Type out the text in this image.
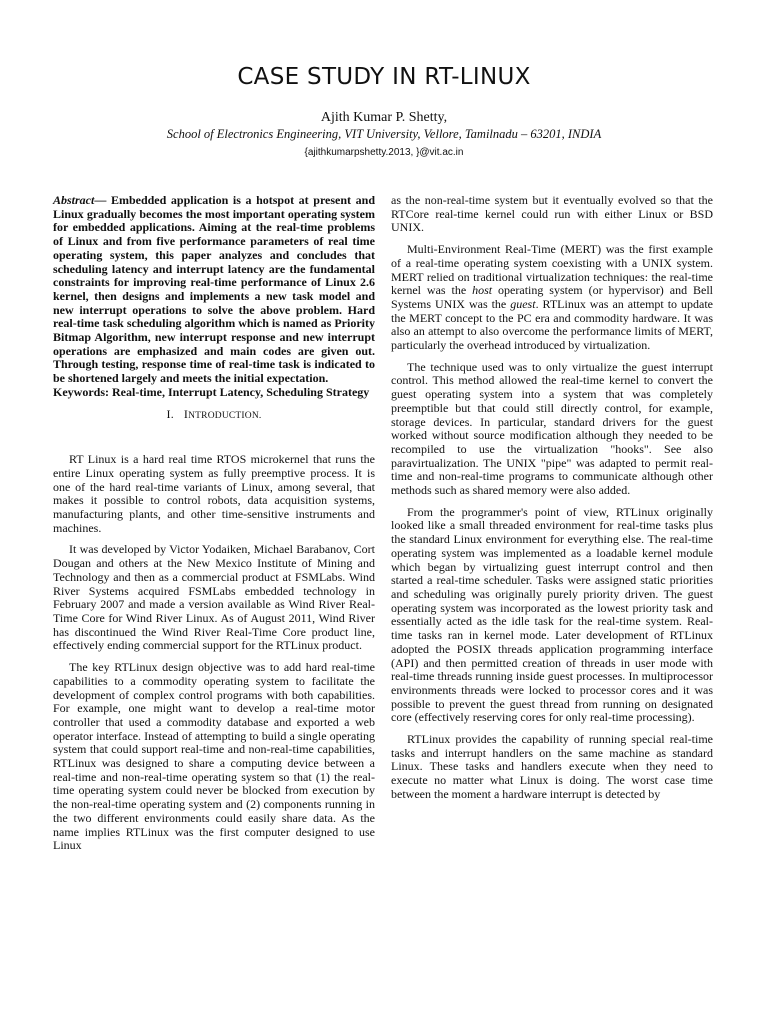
CASE STUDY IN RT-LINUX
Ajith Kumar P. Shetty,
School of Electronics Engineering, VIT University, Vellore, Tamilnadu – 63201, INDIA
{ajithkumarpshetty.2013, }@vit.ac.in

Abstract— Embedded application is a hotspot at present and Linux gradually becomes the most important operating system for embedded applications. Aiming at the real-time problems of Linux and from five performance parameters of real time operating system, this paper analyzes and concludes that scheduling latency and interrupt latency are the fundamental constraints for improving real-time performance of Linux 2.6 kernel, then designs and implements a new task model and new interrupt operations to solve the above problem. Hard real-time task scheduling algorithm which is named as Priority Bitmap Algorithm, new interrupt response and new interrupt operations are emphasized and main codes are given out. Through testing, response time of real-time task is indicated to be shortened largely and meets the initial expectation.

Keywords: Real-time, Interrupt Latency, Scheduling Strategy

I. INTRODUCTION.

RT Linux is a hard real time RTOS microkernel that runs the entire Linux operating system as fully preemptive process. It is one of the hard real-time variants of Linux, among several, that makes it possible to control robots, data acquisition systems, manufacturing plants, and other time-sensitive instruments and machines.

It was developed by Victor Yodaiken, Michael Barabanov, Cort Dougan and others at the New Mexico Institute of Mining and Technology and then as a commercial product at FSMLabs. Wind River Systems acquired FSMLabs embedded technology in February 2007 and made a version available as Wind River Real-Time Core for Wind River Linux. As of August 2011, Wind River has discontinued the Wind River Real-Time Core product line, effectively ending commercial support for the RTLinux product.

The key RTLinux design objective was to add hard real-time capabilities to a commodity operating system to facilitate the development of complex control programs with both capabilities. For example, one might want to develop a real-time motor controller that used a commodity database and exported a web operator interface. Instead of attempting to build a single operating system that could support real-time and non-real-time capabilities, RTLinux was designed to share a computing device between a real-time and non-real-time operating system so that (1) the real-time operating system could never be blocked from execution by the non-real-time operating system and (2) components running in the two different environments could easily share data. As the name implies RTLinux was the first computer designed to use Linux

as the non-real-time system but it eventually evolved so that the RTCore real-time kernel could run with either Linux or BSD UNIX.

Multi-Environment Real-Time (MERT) was the first example of a real-time operating system coexisting with a UNIX system. MERT relied on traditional virtualization techniques: the real-time kernel was the host operating system (or hypervisor) and Bell Systems UNIX was the guest. RTLinux was an attempt to update the MERT concept to the PC era and commodity hardware. It was also an attempt to also overcome the performance limits of MERT, particularly the overhead introduced by virtualization.

The technique used was to only virtualize the guest interrupt control. This method allowed the real-time kernel to convert the guest operating system into a system that was completely preemptible but that could still directly control, for example, storage devices. In particular, standard drivers for the guest worked without source modification although they needed to be recompiled to use the virtualization "hooks". See also paravirtualization. The UNIX "pipe" was adapted to permit real-time and non-real-time programs to communicate although other methods such as shared memory were also added.

From the programmer's point of view, RTLinux originally looked like a small threaded environment for real-time tasks plus the standard Linux environment for everything else. The real-time operating system was implemented as a loadable kernel module which began by virtualizing guest interrupt control and then started a real-time scheduler. Tasks were assigned static priorities and scheduling was originally purely priority driven. The guest operating system was incorporated as the lowest priority task and essentially acted as the idle task for the real-time system. Real-time tasks ran in kernel mode. Later development of RTLinux adopted the POSIX threads application programming interface (API) and then permitted creation of threads in user mode with real-time threads running inside guest processes. In multiprocessor environments threads were locked to processor cores and it was possible to prevent the guest thread from running on designated core (effectively reserving cores for only real-time processing).

RTLinux provides the capability of running special real-time tasks and interrupt handlers on the same machine as standard Linux. These tasks and handlers execute when they need to execute no matter what Linux is doing. The worst case time between the moment a hardware interrupt is detected by
